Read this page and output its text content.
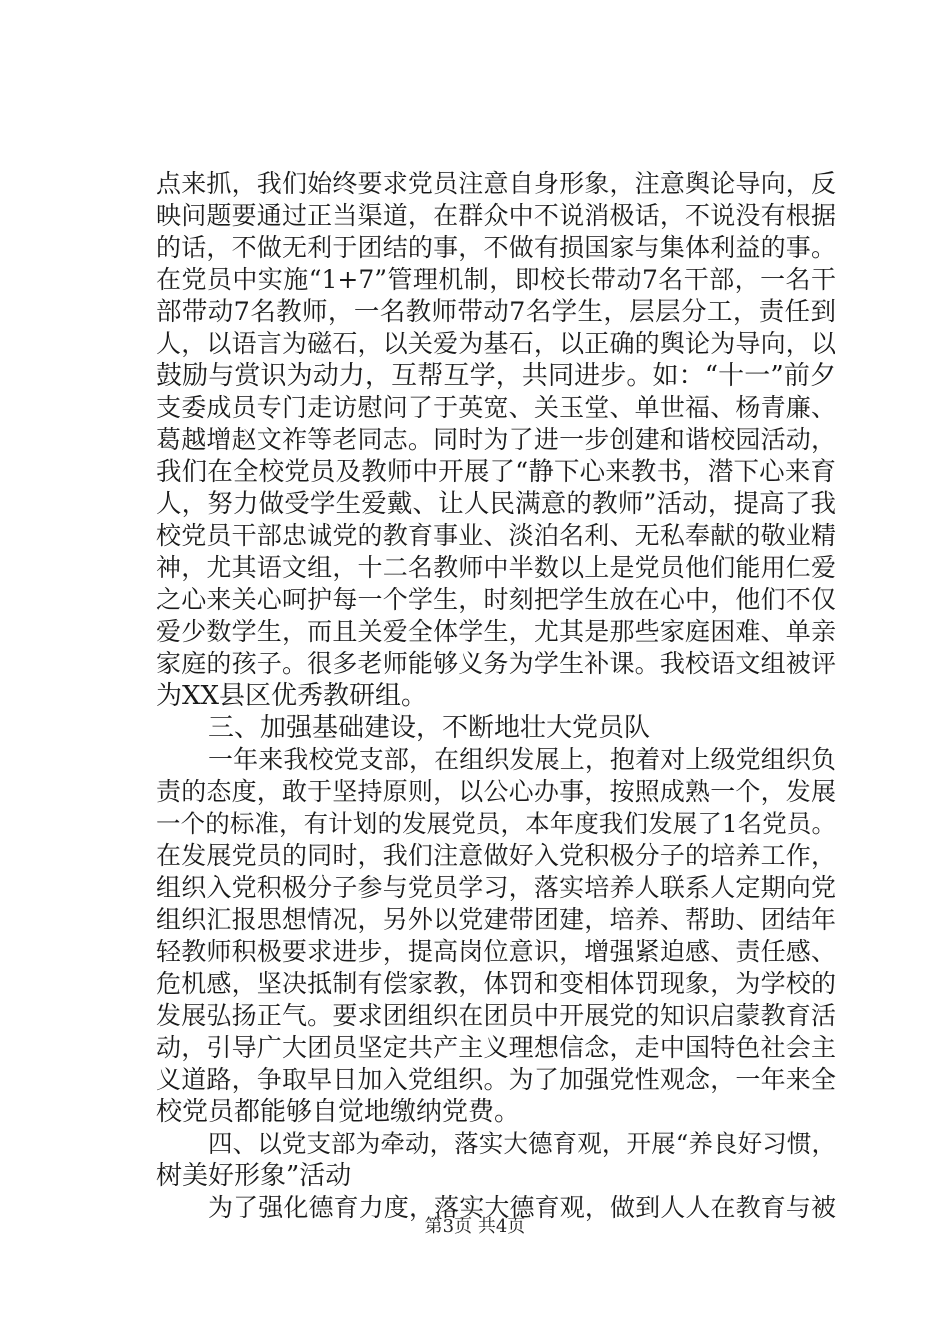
点来抓，我们始终要求党员注意自身形象，注意舆论导向，反
映问题要通过正当渠道，在群众中不说消极话，不说没有根据
的话，不做无利于团结的事，不做有损国家与集体利益的事。
在党员中实施“1+7”管理机制，即校长带动7名干部，一名干
部带动7名教师，一名教师带动7名学生，层层分工，责任到
人，以语言为磁石，以关爱为基石，以正确的舆论为导向，以
鼓励与赏识为动力，互帮互学，共同进步。如：“十一”前夕
支委成员专门走访慰问了于英宽、关玉堂、单世福、杨青廉、
葛越增赵文祚等老同志。同时为了进一步创建和谐校园活动，
我们在全校党员及教师中开展了“静下心来教书，潜下心来育
人，努力做受学生爱戴、让人民满意的教师”活动，提高了我
校党员干部忠诚党的教育事业、淡泊名利、无私奉献的敬业精
神，尤其语文组，十二名教师中半数以上是党员他们能用仁爱
之心来关心呵护每一个学生，时刻把学生放在心中，他们不仅
爱少数学生，而且关爱全体学生，尤其是那些家庭困难、单亲
家庭的孩子。很多老师能够义务为学生补课。我校语文组被评
为XX县区优秀教研组。
三、加强基础建设，不断地壮大党员队
一年来我校党支部，在组织发展上，抱着对上级党组织负
责的态度，敢于坚持原则，以公心办事，按照成熟一个，发展
一个的标准，有计划的发展党员，本年度我们发展了1名党员。
在发展党员的同时，我们注意做好入党积极分子的培养工作，
组织入党积极分子参与党员学习，落实培养人联系人定期向党
组织汇报思想情况，另外以党建带团建，培养、帮助、团结年
轻教师积极要求进步，提高岗位意识，增强紧迫感、责任感、
危机感，坚决抵制有偿家教，体罚和变相体罚现象，为学校的
发展弘扬正气。要求团组织在团员中开展党的知识启蒙教育活
动，引导广大团员坚定共产主义理想信念，走中国特色社会主
义道路，争取早日加入党组织。为了加强党性观念，一年来全
校党员都能够自觉地缴纳党费。
四、以党支部为牵动，落实大德育观，开展“养良好习惯，
树美好形象”活动
为了强化德育力度，落实大德育观，做到人人在教育与被
第3页 共4页
